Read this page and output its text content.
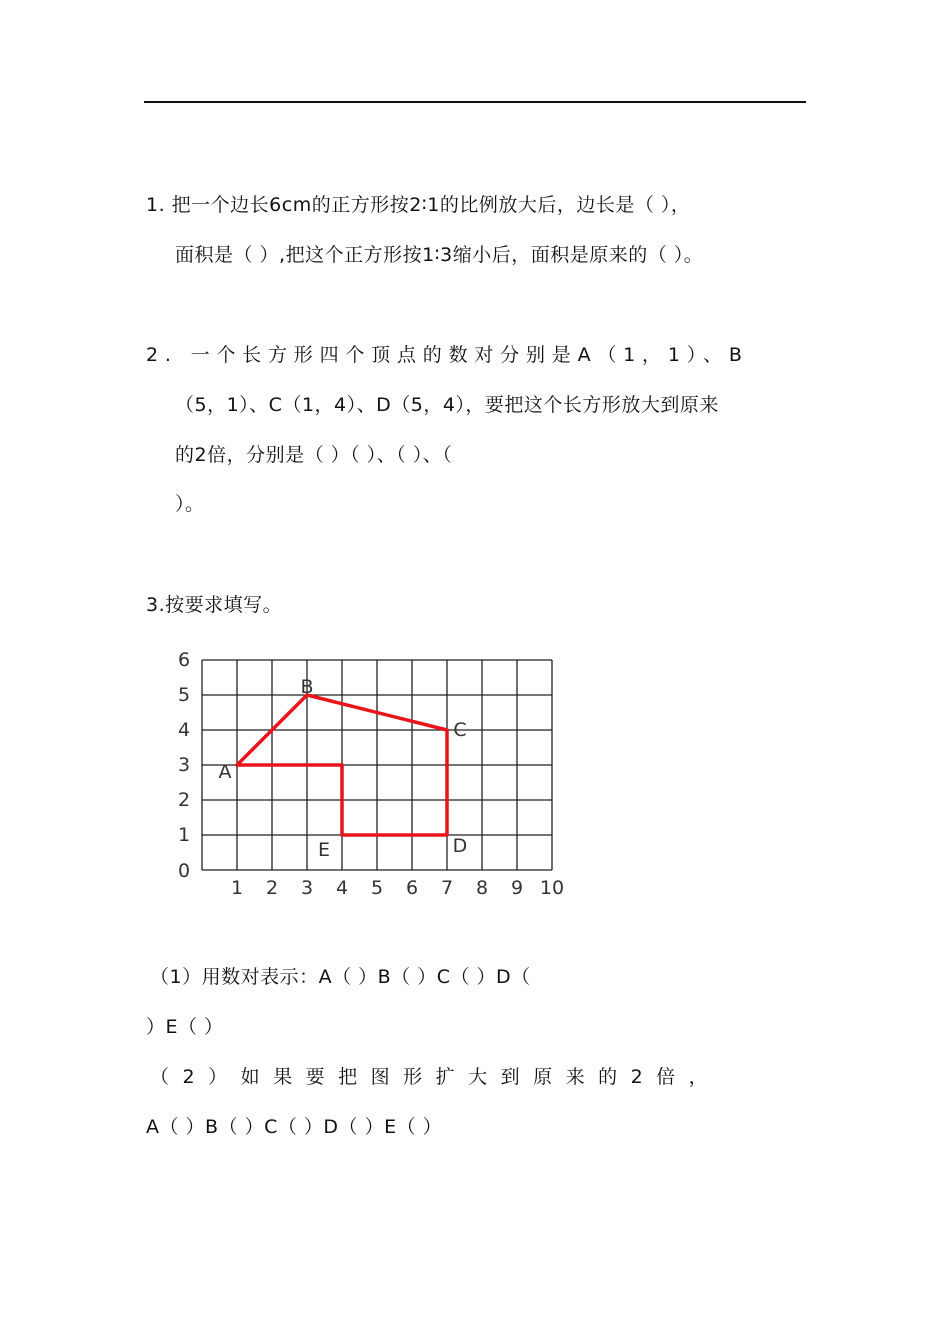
1. 把一个边长6cm的正方形按2∶1的比例放大后，边长是（ ），
面积是（ ）,把这个正方形按1∶3缩小后，面积是原来的（ ）。
2. 一个长方形四个顶点的数对分别是A（1，1）、B
（5，1）、C（1，4）、D（5，4），要把这个长方形放大到原来
的2倍，分别是（ ）（ ）、（ ）、（
）。
3.按要求填写。
0
1
2
3
4
5
6
1 2 3 4 5 6 7 8 9 10
A
B
C
D
E
（1）用数对表示：A（ ）B（ ）C（ ）D（
）E（ ）
（2）如果要把图形扩大到原来的2倍，
A（ ）B（ ）C（ ）D（ ）E（ ）
